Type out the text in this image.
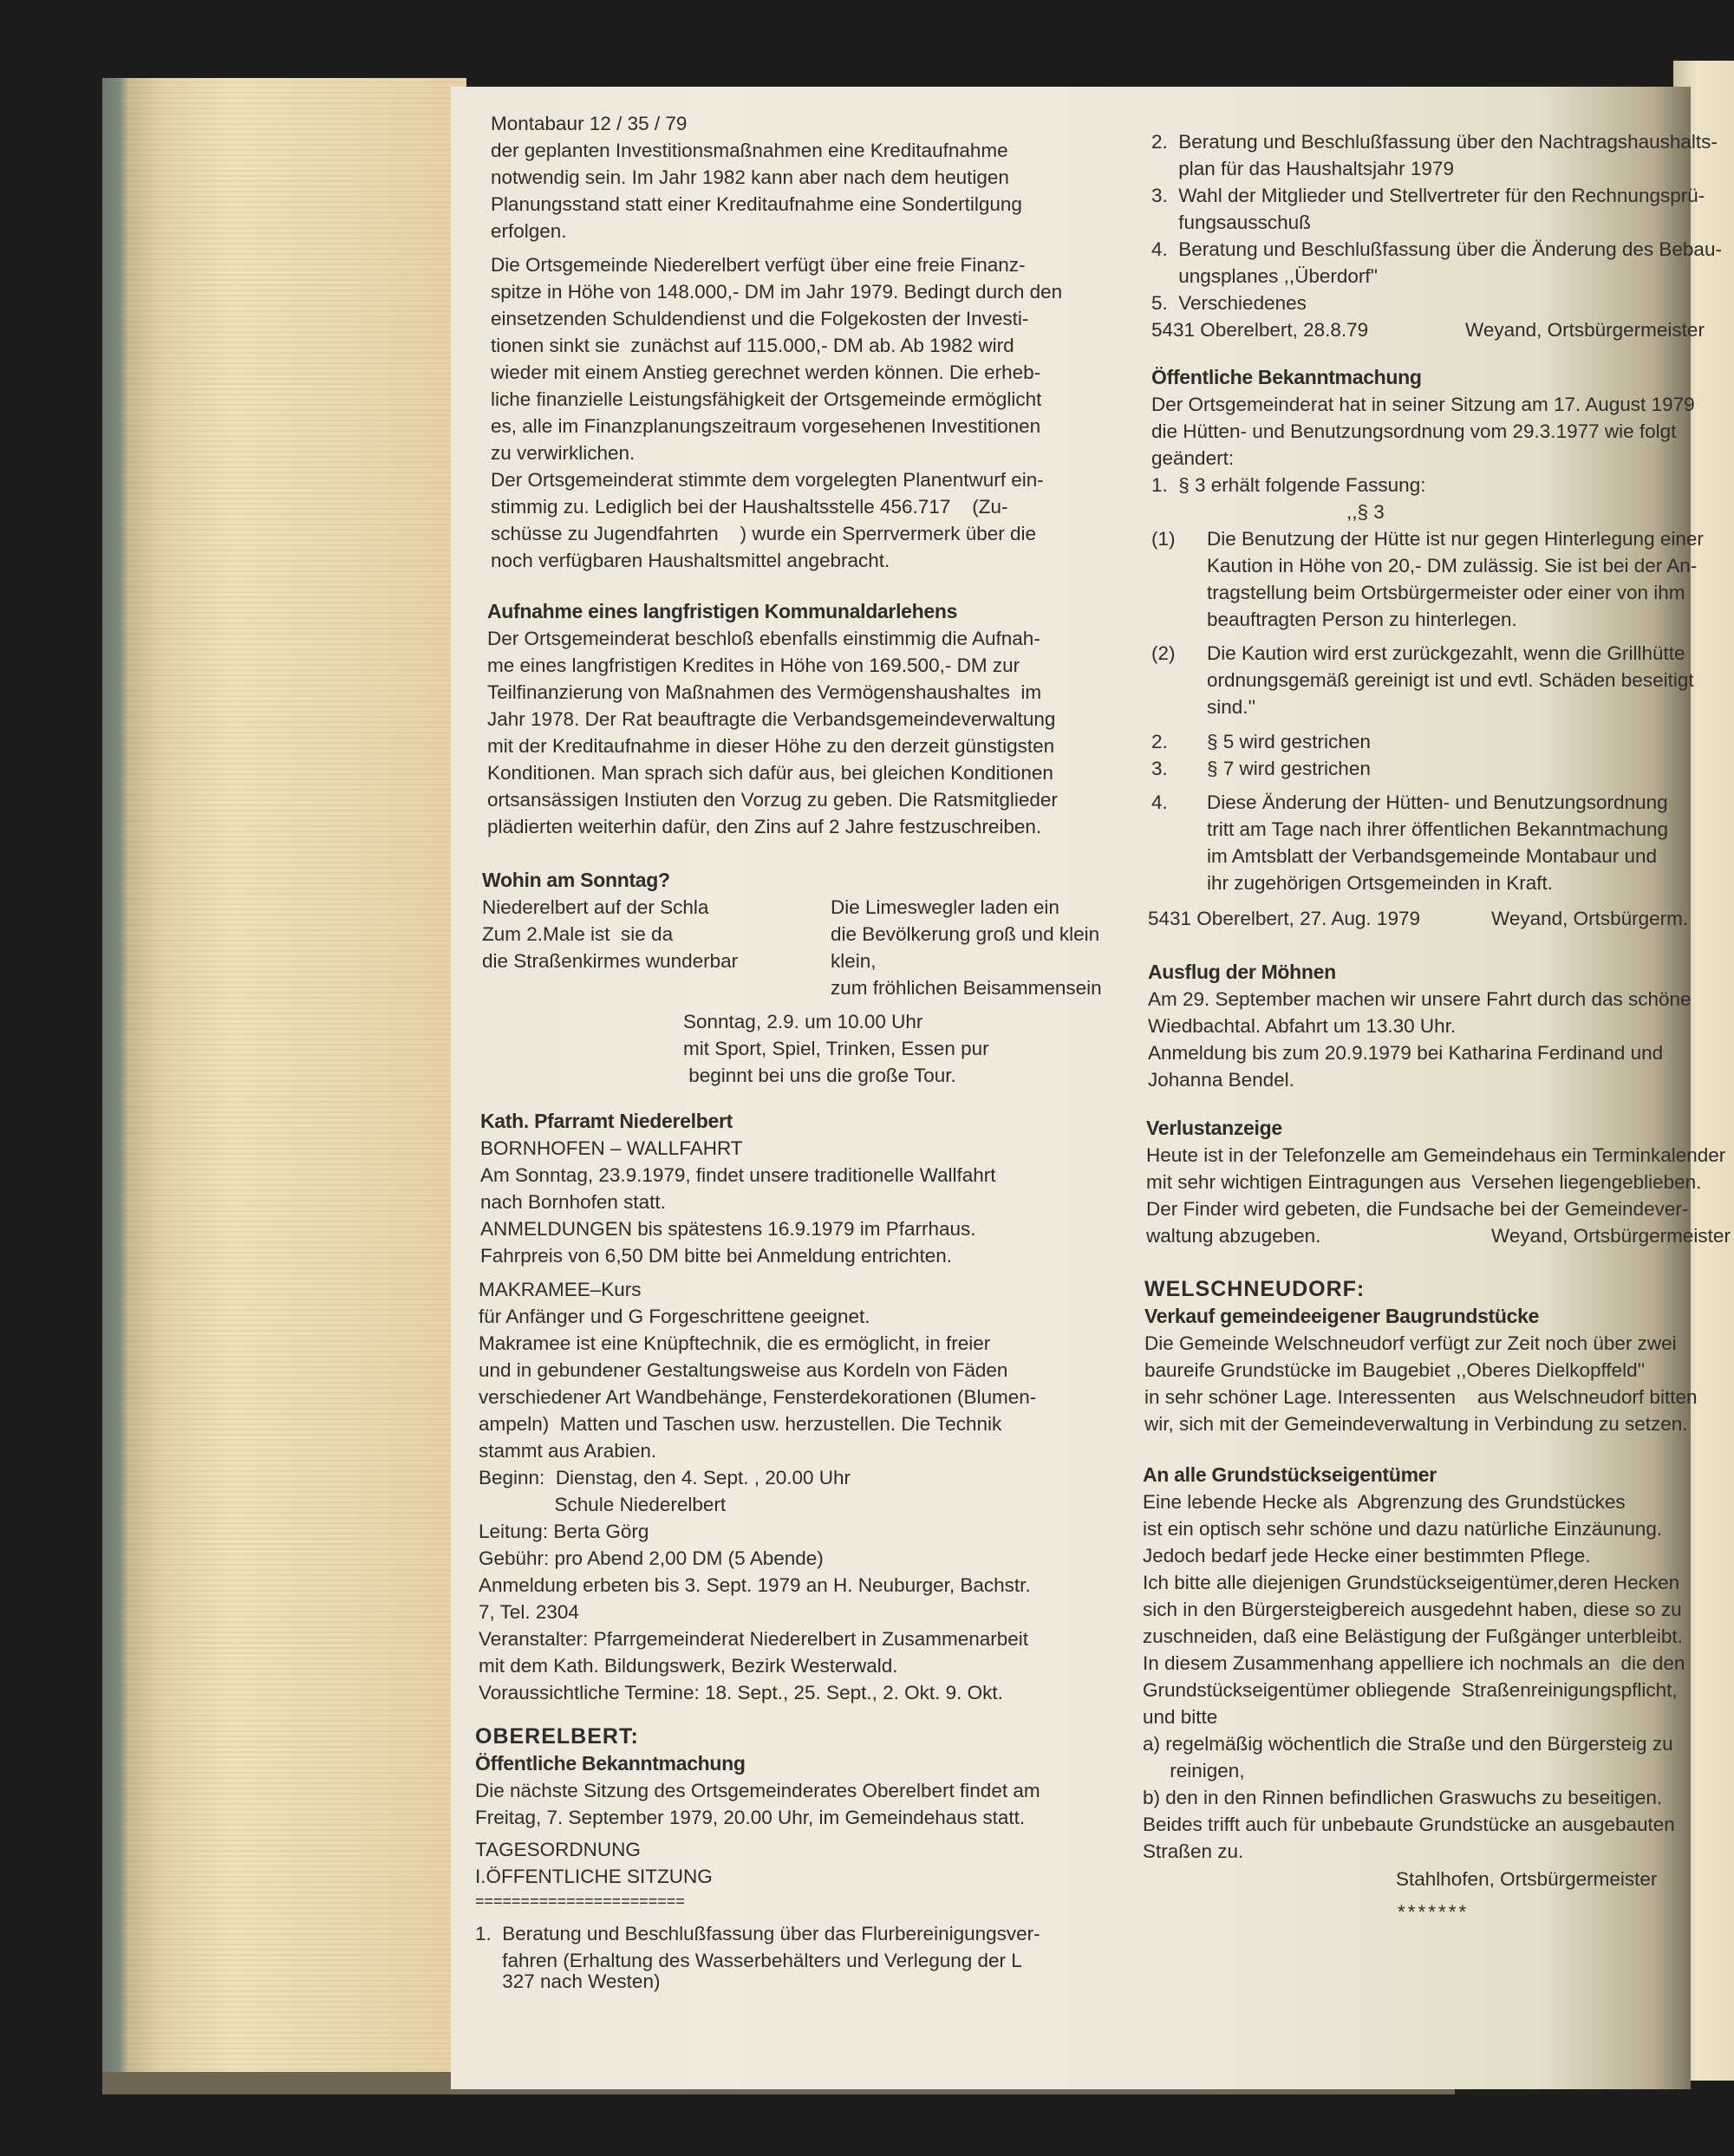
Montabaur 12 / 35 / 79
der geplanten Investitionsmaßnahmen eine Kreditaufnahme
notwendig sein. Im Jahr 1982 kann aber nach dem heutigen
Planungsstand statt einer Kreditaufnahme eine Sondertilgung
erfolgen.
Die Ortsgemeinde Niederelbert verfügt über eine freie Finanz-
spitze in Höhe von 148.000,- DM im Jahr 1979. Bedingt durch den
einsetzenden Schuldendienst und die Folgekosten der Investi-
tionen sinkt sie  zunächst auf 115.000,- DM ab. Ab 1982 wird
wieder mit einem Anstieg gerechnet werden können. Die erheb-
liche finanzielle Leistungsfähigkeit der Ortsgemeinde ermöglicht
es, alle im Finanzplanungszeitraum vorgesehenen Investitionen
zu verwirklichen.
Der Ortsgemeinderat stimmte dem vorgelegten Planentwurf ein-
stimmig zu. Lediglich bei der Haushaltsstelle 456.717    (Zu-
schüsse zu Jugendfahrten    ) wurde ein Sperrvermerk über die
noch verfügbaren Haushaltsmittel angebracht.
Aufnahme eines langfristigen Kommunaldarlehens
Der Ortsgemeinderat beschloß ebenfalls einstimmig die Aufnah-
me eines langfristigen Kredites in Höhe von 169.500,- DM zur
Teilfinanzierung von Maßnahmen des Vermögenshaushaltes  im
Jahr 1978. Der Rat beauftragte die Verbandsgemeindeverwaltung
mit der Kreditaufnahme in dieser Höhe zu den derzeit günstigsten
Konditionen. Man sprach sich dafür aus, bei gleichen Konditionen
ortsansässigen Instiuten den Vorzug zu geben. Die Ratsmitglieder
plädierten weiterhin dafür, den Zins auf 2 Jahre festzuschreiben.
Wohin am Sonntag?
Niederelbert auf der Schla
Zum 2.Male ist  sie da
die Straßenkirmes wunderbar
Die Limeswegler laden ein
die Bevölkerung groß und klein
klein,
zum fröhlichen Beisammensein
Sonntag, 2.9. um 10.00 Uhr
mit Sport, Spiel, Trinken, Essen pur
beginnt bei uns die große Tour.
Kath. Pfarramt Niederelbert
BORNHOFEN – WALLFAHRT
Am Sonntag, 23.9.1979, findet unsere traditionelle Wallfahrt
nach Bornhofen statt.
ANMELDUNGEN bis spätestens 16.9.1979 im Pfarrhaus.
Fahrpreis von 6,50 DM bitte bei Anmeldung entrichten.
MAKRAMEE–Kurs
für Anfänger und G Forgeschrittene geeignet.
Makramee ist eine Knüpftechnik, die es ermöglicht, in freier
und in gebundener Gestaltungsweise aus Kordeln von Fäden
verschiedener Art Wandbehänge, Fensterdekorationen (Blumen-
ampeln)  Matten und Taschen usw. herzustellen. Die Technik
stammt aus Arabien.
Beginn:  Dienstag, den 4. Sept. , 20.00 Uhr
Schule Niederelbert
Leitung: Berta Görg
Gebühr: pro Abend 2,00 DM (5 Abende)
Anmeldung erbeten bis 3. Sept. 1979 an H. Neuburger, Bachstr.
7, Tel. 2304
Veranstalter: Pfarrgemeinderat Niederelbert in Zusammenarbeit
mit dem Kath. Bildungswerk, Bezirk Westerwald.
Voraussichtliche Termine: 18. Sept., 25. Sept., 2. Okt. 9. Okt.
OBERELBERT:
Öffentliche Bekanntmachung
Die nächste Sitzung des Ortsgemeinderates Oberelbert findet am
Freitag, 7. September 1979, 20.00 Uhr, im Gemeindehaus statt.
TAGESORDNUNG
I.ÖFFENTLICHE SITZUNG
=======================
1.  Beratung und Beschlußfassung über das Flurbereinigungsver-
fahren (Erhaltung des Wasserbehälters und Verlegung der L
327 nach Westen)
2.  Beratung und Beschlußfassung über den Nachtragshaushalts-
plan für das Haushaltsjahr 1979
3.  Wahl der Mitglieder und Stellvertreter für den Rechnungsprü-
fungsausschuß
4.  Beratung und Beschlußfassung über die Änderung des Bebau-
ungsplanes ,,Überdorf''
5.  Verschiedenes
5431 Oberelbert, 28.8.79	Weyand, Ortsbürgermeister
Öffentliche Bekanntmachung
Der Ortsgemeinderat hat in seiner Sitzung am 17. August 1979
die Hütten- und Benutzungsordnung vom 29.3.1977 wie folgt
geändert:
1.  § 3 erhält folgende Fassung:
,,§ 3
(1) Die Benutzung der Hütte ist nur gegen Hinterlegung einer
Kaution in Höhe von 20,- DM zulässig. Sie ist bei der An-
tragstellung beim Ortsbürgermeister oder einer von ihm
beauftragten Person zu hinterlegen.
(2) Die Kaution wird erst zurückgezahlt, wenn die Grillhütte
ordnungsgemäß gereinigt ist und evtl. Schäden beseitigt
sind.''
2. § 5 wird gestrichen
3. § 7 wird gestrichen
4. Diese Änderung der Hütten- und Benutzungsordnung
tritt am Tage nach ihrer öffentlichen Bekanntmachung
im Amtsblatt der Verbandsgemeinde Montabaur und
ihr zugehörigen Ortsgemeinden in Kraft.
5431 Oberelbert, 27. Aug. 1979	Weyand, Ortsbürgerm.
Ausflug der Möhnen
Am 29. September machen wir unsere Fahrt durch das schöne
Wiedbachtal. Abfahrt um 13.30 Uhr.
Anmeldung bis zum 20.9.1979 bei Katharina Ferdinand und
Johanna Bendel.
Verlustanzeige
Heute ist in der Telefonzelle am Gemeindehaus ein Terminkalender
mit sehr wichtigen Eintragungen aus  Versehen liegengeblieben.
Der Finder wird gebeten, die Fundsache bei der Gemeindever-
waltung abzugeben.	Weyand, Ortsbürgermeister
WELSCHNEUDORF:
Verkauf gemeindeeigener Baugrundstücke
Die Gemeinde Welschneudorf verfügt zur Zeit noch über zwei
baureife Grundstücke im Baugebiet ,,Oberes Dielkopffeld''
in sehr schöner Lage. Interessenten    aus Welschneudorf bitten
wir, sich mit der Gemeindeverwaltung in Verbindung zu setzen.
An alle Grundstückseigentümer
Eine lebende Hecke als  Abgrenzung des Grundstückes
ist ein optisch sehr schöne und dazu natürliche Einzäunung.
Jedoch bedarf jede Hecke einer bestimmten Pflege.
Ich bitte alle diejenigen Grundstückseigentümer,deren Hecken
sich in den Bürgersteigbereich ausgedehnt haben, diese so zu
zuschneiden, daß eine Belästigung der Fußgänger unterbleibt.
In diesem Zusammenhang appelliere ich nochmals an  die den
Grundstückseigentümer obliegende  Straßenreinigungspflicht,
und bitte
a) regelmäßig wöchentlich die Straße und den Bürgersteig zu
reinigen,
b) den in den Rinnen befindlichen Graswuchs zu beseitigen.
Beides trifft auch für unbebaute Grundstücke an ausgebauten
Straßen zu.
Stahlhofen, Ortsbürgermeister
*******
